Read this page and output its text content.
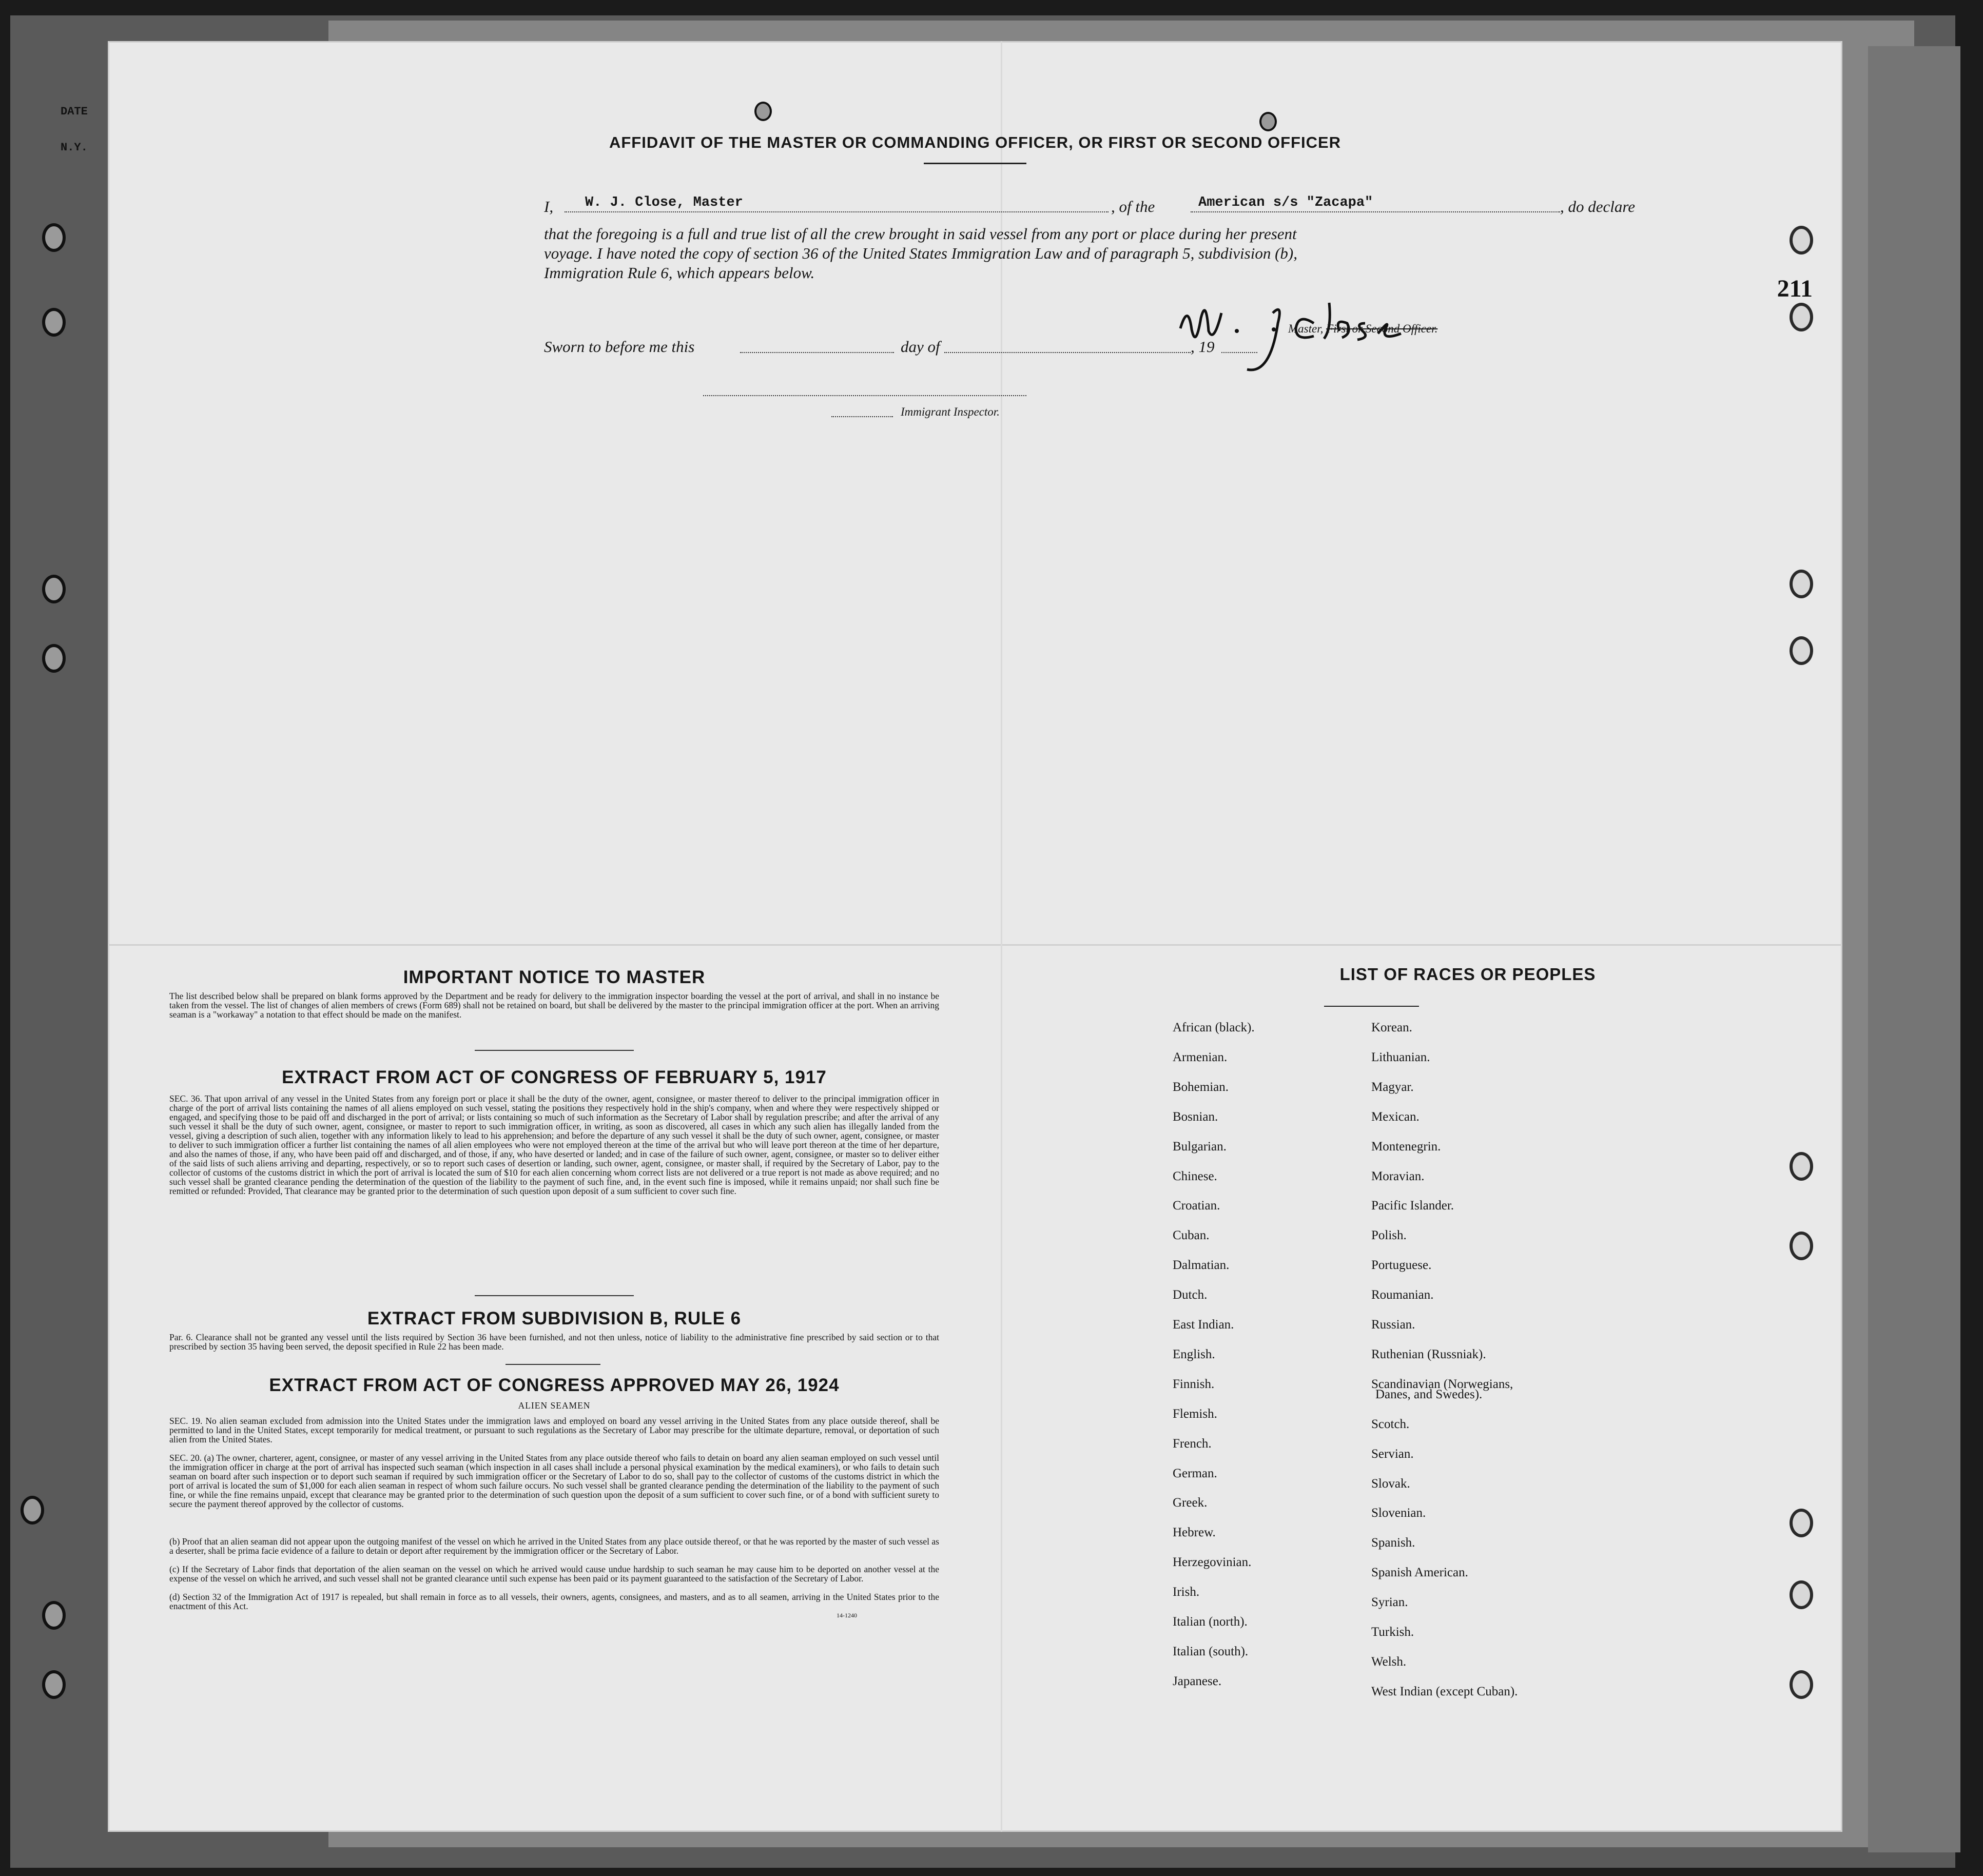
DATE
N.Y.
211
AFFIDAVIT OF THE MASTER OR COMMANDING OFFICER, OR FIRST OR SECOND OFFICER
I,	W. J. Close, Master	, of the	American s/s "Zacapa"	, do declare
that the foregoing is a full and true list of all the crew brought in said vessel from any port or place during her present
voyage. I have noted the copy of section 36 of the United States Immigration Law and of paragraph 5, subdivision (b),
Immigration Rule 6, which appears below.
Master, First or Second Officer.
Sworn to before me this	day of	, 19
Immigrant Inspector.
IMPORTANT NOTICE TO MASTER
The list described below shall be prepared on blank forms approved by the Department and be ready for delivery to the immigration inspector boarding the vessel at the port of arrival, and shall in no instance be taken from the vessel. The list of changes of alien members of crews (Form 689) shall not be retained on board, but shall be delivered by the master to the principal immigration officer at the port. When an arriving seaman is a "workaway" a notation to that effect should be made on the manifest.
EXTRACT FROM ACT OF CONGRESS OF FEBRUARY 5, 1917
SEC. 36. That upon arrival of any vessel in the United States from any foreign port or place it shall be the duty of the owner, agent, consignee, or master thereof to deliver to the principal immigration officer in charge of the port of arrival lists containing the names of all aliens employed on such vessel, stating the positions they respectively hold in the ship's company, when and where they were respectively shipped or engaged, and specifying those to be paid off and discharged in the port of arrival; or lists containing so much of such information as the Secretary of Labor shall by regulation prescribe; and after the arrival of any such vessel it shall be the duty of such owner, agent, consignee, or master to report to such immigration officer, in writing, as soon as discovered, all cases in which any such alien has illegally landed from the vessel, giving a description of such alien, together with any information likely to lead to his apprehension; and before the departure of any such vessel it shall be the duty of such owner, agent, consignee, or master to deliver to such immigration officer a further list containing the names of all alien employees who were not employed thereon at the time of the arrival but who will leave port thereon at the time of her departure, and also the names of those, if any, who have been paid off and discharged, and of those, if any, who have deserted or landed; and in case of the failure of such owner, agent, consignee, or master so to deliver either of the said lists of such aliens arriving and departing, respectively, or so to report such cases of desertion or landing, such owner, agent, consignee, or master shall, if required by the Secretary of Labor, pay to the collector of customs of the customs district in which the port of arrival is located the sum of $10 for each alien concerning whom correct lists are not delivered or a true report is not made as above required; and no such vessel shall be granted clearance pending the determination of the question of the liability to the payment of such fine, and, in the event such fine is imposed, while it remains unpaid; nor shall such fine be remitted or refunded: Provided, That clearance may be granted prior to the determination of such question upon deposit of a sum sufficient to cover such fine.
EXTRACT FROM SUBDIVISION B, RULE 6
Par. 6. Clearance shall not be granted any vessel until the lists required by Section 36 have been furnished, and not then unless, notice of liability to the administrative fine prescribed by said section or to that prescribed by section 35 having been served, the deposit specified in Rule 22 has been made.
EXTRACT FROM ACT OF CONGRESS APPROVED MAY 26, 1924
ALIEN SEAMEN
SEC. 19. No alien seaman excluded from admission into the United States under the immigration laws and employed on board any vessel arriving in the United States from any place outside thereof, shall be permitted to land in the United States, except temporarily for medical treatment, or pursuant to such regulations as the Secretary of Labor may prescribe for the ultimate departure, removal, or deportation of such alien from the United States.
SEC. 20. (a) The owner, charterer, agent, consignee, or master of any vessel arriving in the United States from any place outside thereof who fails to detain on board any alien seaman employed on such vessel until the immigration officer in charge at the port of arrival has inspected such seaman (which inspection in all cases shall include a personal physical examination by the medical examiners), or who fails to detain such seaman on board after such inspection or to deport such seaman if required by such immigration officer or the Secretary of Labor to do so, shall pay to the collector of customs of the customs district in which the port of arrival is located the sum of $1,000 for each alien seaman in respect of whom such failure occurs. No such vessel shall be granted clearance pending the determination of the liability to the payment of such fine, or while the fine remains unpaid, except that clearance may be granted prior to the determination of such question upon the deposit of a sum sufficient to cover such fine, or of a bond with sufficient surety to secure the payment thereof approved by the collector of customs.
(b) Proof that an alien seaman did not appear upon the outgoing manifest of the vessel on which he arrived in the United States from any place outside thereof, or that he was reported by the master of such vessel as a deserter, shall be prima facie evidence of a failure to detain or deport after requirement by the immigration officer or the Secretary of Labor.
(c) If the Secretary of Labor finds that deportation of the alien seaman on the vessel on which he arrived would cause undue hardship to such seaman he may cause him to be deported on another vessel at the expense of the vessel on which he arrived, and such vessel shall not be granted clearance until such expense has been paid or its payment guaranteed to the satisfaction of the Secretary of Labor.
(d) Section 32 of the Immigration Act of 1917 is repealed, but shall remain in force as to all vessels, their owners, agents, consignees, and masters, and as to all seamen, arriving in the United States prior to the enactment of this Act.
14-1240
LIST OF RACES OR PEOPLES
Danes, and Swedes).
African (black).
Armenian.
Bohemian.
Bosnian.
Bulgarian.
Chinese.
Croatian.
Cuban.
Dalmatian.
Dutch.
East Indian.
English.
Finnish.
Flemish.
French.
German.
Greek.
Hebrew.
Herzegovinian.
Irish.
Italian (north).
Italian (south).
Japanese.
Korean.
Lithuanian.
Magyar.
Mexican.
Montenegrin.
Moravian.
Pacific Islander.
Polish.
Portuguese.
Roumanian.
Russian.
Ruthenian (Russniak).
Scandinavian (Norwegians,
Scotch.
Servian.
Slovak.
Slovenian.
Spanish.
Spanish American.
Syrian.
Turkish.
Welsh.
West Indian (except Cuban).
